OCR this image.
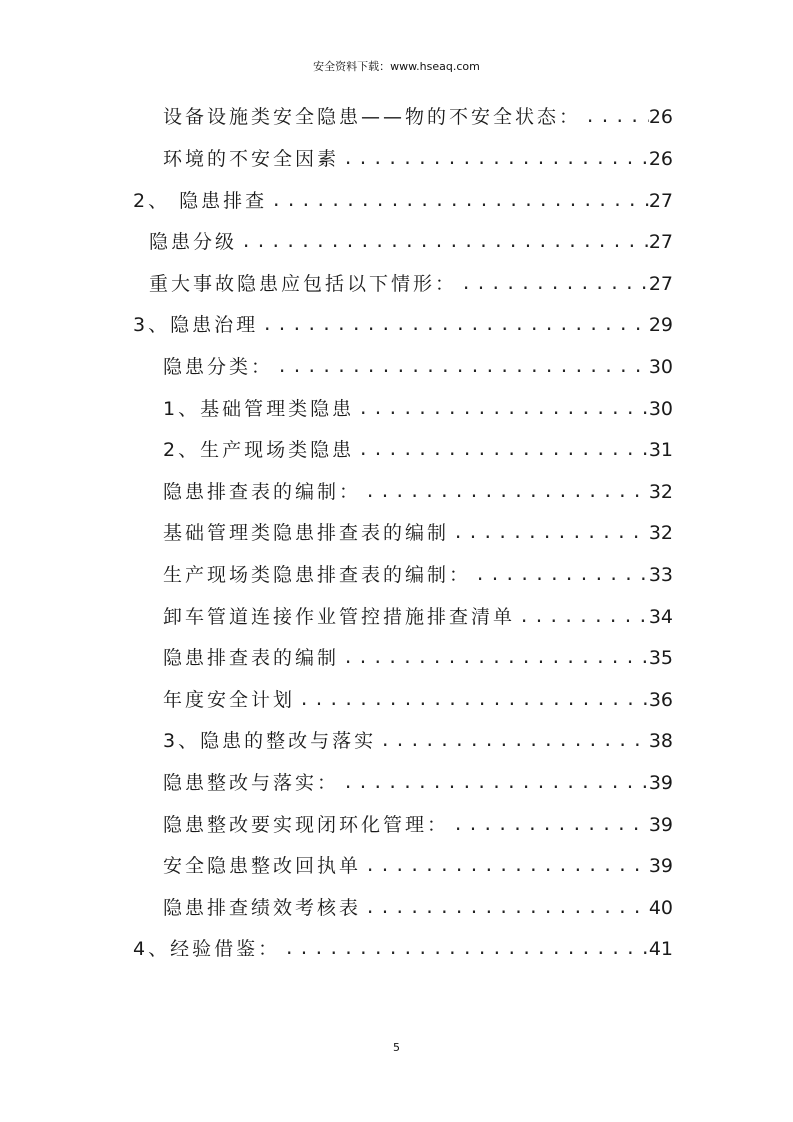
安全资料下载：www.hseaq.com
设备设施类安全隐患——物的不安全状态： .....	26
环境的不安全因素 .....	26
2、 隐患排查 .....	27
隐患分级 .....	27
重大事故隐患应包括以下情形： .....	27
3、隐患治理 .....	29
隐患分类： .....	30
1、基础管理类隐患 .....	30
2、生产现场类隐患 .....	31
隐患排查表的编制： .....	32
基础管理类隐患排查表的编制 .....	32
生产现场类隐患排查表的编制： .....	33
卸车管道连接作业管控措施排查清单 .....	34
隐患排查表的编制 .....	35
年度安全计划 .....	36
3、隐患的整改与落实 .....	38
隐患整改与落实： .....	39
隐患整改要实现闭环化管理： .....	39
安全隐患整改回执单 .....	39
隐患排查绩效考核表 .....	40
4、经验借鉴： .....	41
5
